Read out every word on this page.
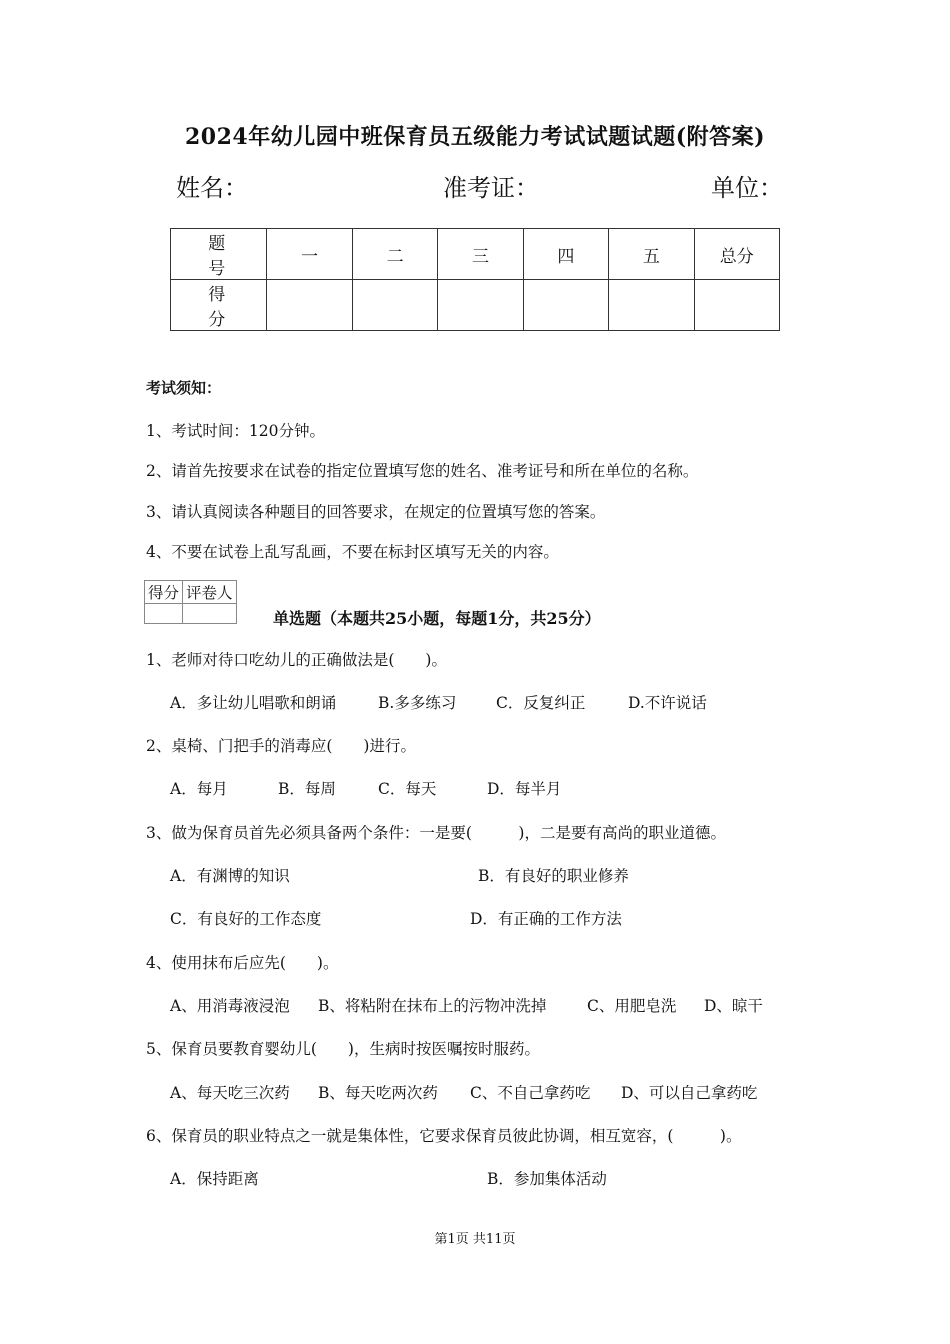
2024年幼儿园中班保育员五级能力考试试题试题(附答案)
姓名：	准考证：	单位：
题　号	一	二	三	四	五	总分
得　分						
考试须知：
1、考试时间：120分钟。
2、请首先按要求在试卷的指定位置填写您的姓名、准考证号和所在单位的名称。
3、请认真阅读各种题目的回答要求，在规定的位置填写您的答案。
4、不要在试卷上乱写乱画，不要在标封区填写无关的内容。
得分	评卷人

单选题（本题共25小题，每题1分，共25分）
1、老师对待口吃幼儿的正确做法是(　　)。
A．多让幼儿唱歌和朗诵	B.多多练习	C．反复纠正	D.不许说话
2、桌椅、门把手的消毒应(　　)进行。
A．每月	B．每周	C．每天	D．每半月
3、做为保育员首先必须具备两个条件：一是要(　　　)，二是要有高尚的职业道德。
A．有渊博的知识	B．有良好的职业修养
C．有良好的工作态度	D．有正确的工作方法
4、使用抹布后应先(　　)。
A、用消毒液浸泡 B、将粘附在抹布上的污物冲洗掉	C、用肥皂洗 D、晾干
5、保育员要教育婴幼儿(　　)，生病时按医嘱按时服药。
A、每天吃三次药 B、每天吃两次药 C、不自己拿药吃 D、可以自己拿药吃
6、保育员的职业特点之一就是集体性，它要求保育员彼此协调，相互宽容，(　　　)。
A．保持距离	B．参加集体活动
第1页 共11页
